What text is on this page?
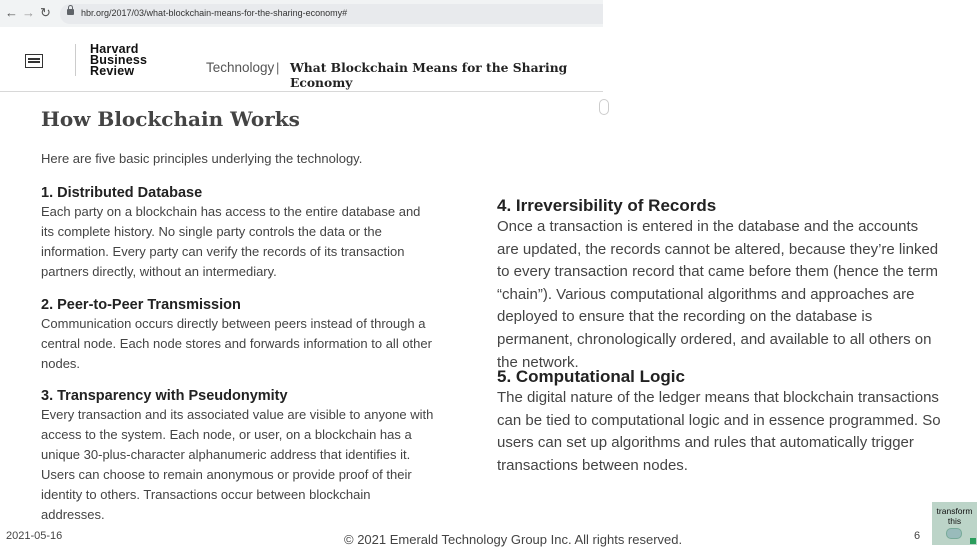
← → ↻	hbr.org/2017/03/what-blockchain-means-for-the-sharing-economy#
Harvard
Business
Review	Technology | What Blockchain Means for the Sharing Economy
How Blockchain Works
Here are five basic principles underlying the technology.

1. Distributed Database

Each party on a blockchain has access to the entire database and its complete history. No single party controls the data or the information. Every party can verify the records of its transaction partners directly, without an intermediary.

2. Peer-to-Peer Transmission

Communication occurs directly between peers instead of through a central node. Each node stores and forwards information to all other nodes.

3. Transparency with Pseudonymity

Every transaction and its associated value are visible to anyone with access to the system. Each node, or user, on a blockchain has a unique 30-plus-character alphanumeric address that identifies it. Users can choose to remain anonymous or provide proof of their identity to others. Transactions occur between blockchain addresses.

4. Irreversibility of Records

Once a transaction is entered in the database and the accounts are updated, the records cannot be altered, because they’re linked to every transaction record that came before them (hence the term “chain”). Various computational algorithms and approaches are deployed to ensure that the recording on the database is permanent, chronologically ordered, and available to all others on the network.

5. Computational Logic

The digital nature of the ledger means that blockchain transactions can be tied to computational logic and in essence programmed. So users can set up algorithms and rules that automatically trigger transactions between nodes.

2021-05-16	© 2021 Emerald Technology Group Inc. All rights reserved.	6
transform
this
